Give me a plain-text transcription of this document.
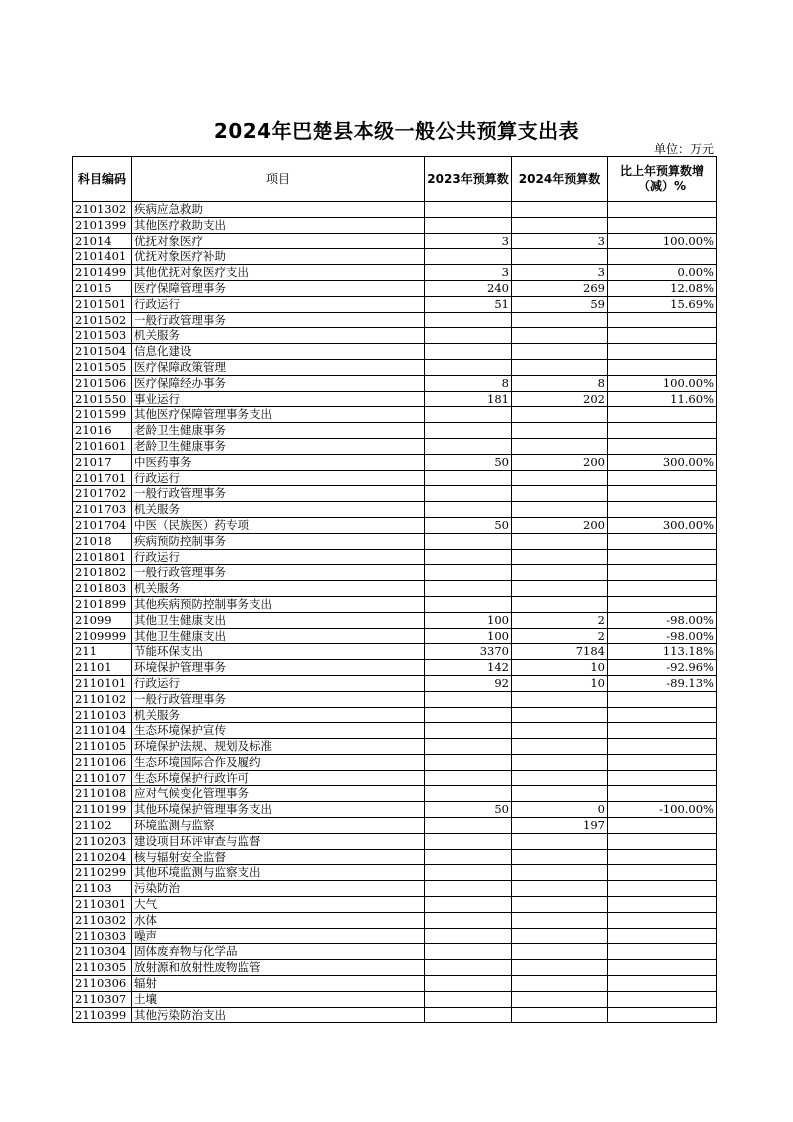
2024年巴楚县本级一般公共预算支出表
单位：万元
科目编码	项目	2023年预算数	2024年预算数	比上年预算数增（减）%
2101302	疾病应急救助			
2101399	其他医疗救助支出			
21014	优抚对象医疗	3	3	100.00%
2101401	优抚对象医疗补助			
2101499	其他优抚对象医疗支出	3	3	0.00%
21015	医疗保障管理事务	240	269	12.08%
2101501	行政运行	51	59	15.69%
2101502	一般行政管理事务			
2101503	机关服务			
2101504	信息化建设			
2101505	医疗保障政策管理			
2101506	医疗保障经办事务	8	8	100.00%
2101550	事业运行	181	202	11.60%
2101599	其他医疗保障管理事务支出			
21016	老龄卫生健康事务			
2101601	老龄卫生健康事务			
21017	中医药事务	50	200	300.00%
2101701	行政运行			
2101702	一般行政管理事务			
2101703	机关服务			
2101704	中医（民族医）药专项	50	200	300.00%
21018	疾病预防控制事务			
2101801	行政运行			
2101802	一般行政管理事务			
2101803	机关服务			
2101899	其他疾病预防控制事务支出			
21099	其他卫生健康支出	100	2	-98.00%
2109999	其他卫生健康支出	100	2	-98.00%
211	节能环保支出	3370	7184	113.18%
21101	环境保护管理事务	142	10	-92.96%
2110101	行政运行	92	10	-89.13%
2110102	一般行政管理事务			
2110103	机关服务			
2110104	生态环境保护宣传			
2110105	环境保护法规、规划及标准			
2110106	生态环境国际合作及履约			
2110107	生态环境保护行政许可			
2110108	应对气候变化管理事务			
2110199	其他环境保护管理事务支出	50	0	-100.00%
21102	环境监测与监察		197	
2110203	建设项目环评审查与监督			
2110204	核与辐射安全监督			
2110299	其他环境监测与监察支出			
21103	污染防治			
2110301	大气			
2110302	水体			
2110303	噪声			
2110304	固体废弃物与化学品			
2110305	放射源和放射性废物监管			
2110306	辐射			
2110307	土壤			
2110399	其他污染防治支出			
